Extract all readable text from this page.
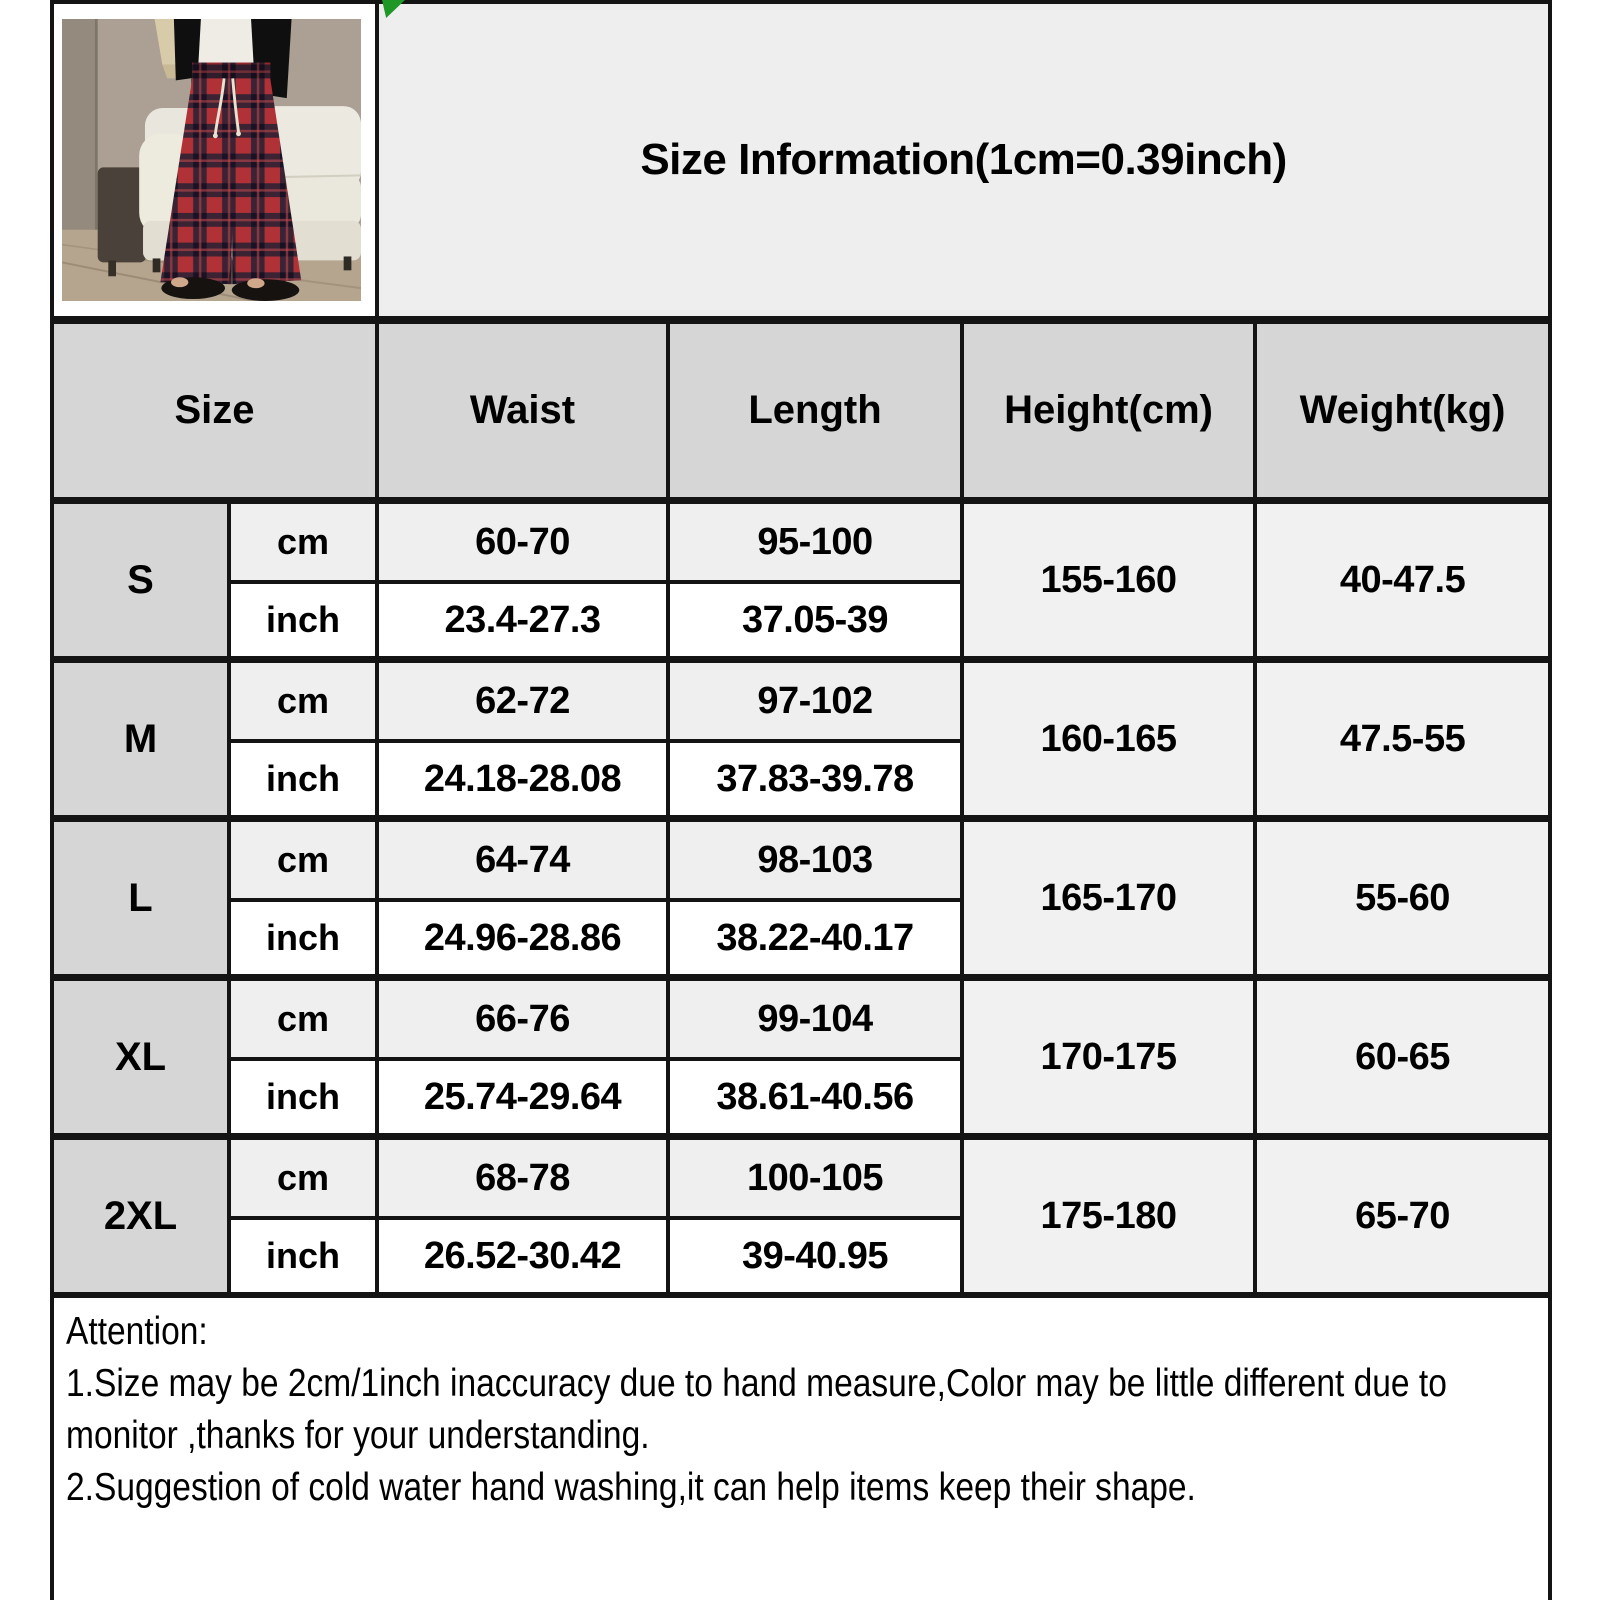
	Size Information(1cm=0.39inch)			
Size		Waist	Length	Height(cm)	Weight(kg)
S	cm	60-70	95-100	155-160	40-47.5
	inch	23.4-27.3	37.05-39		
M	cm	62-72	97-102	160-165	47.5-55
	inch	24.18-28.08	37.83-39.78		
L	cm	64-74	98-103	165-170	55-60
	inch	24.96-28.86	38.22-40.17		
XL	cm	66-76	99-104	170-175	60-65
	inch	25.74-29.64	38.61-40.56		
2XL	cm	68-78	100-105	175-180	65-70
	inch	26.52-30.42	39-40.95		

Attention:
1.Size may be 2cm/1inch inaccuracy due to hand measure,Color may be little different due to monitor ,thanks for your understanding.
2.Suggestion of cold water hand washing,it can help items keep their shape.					
